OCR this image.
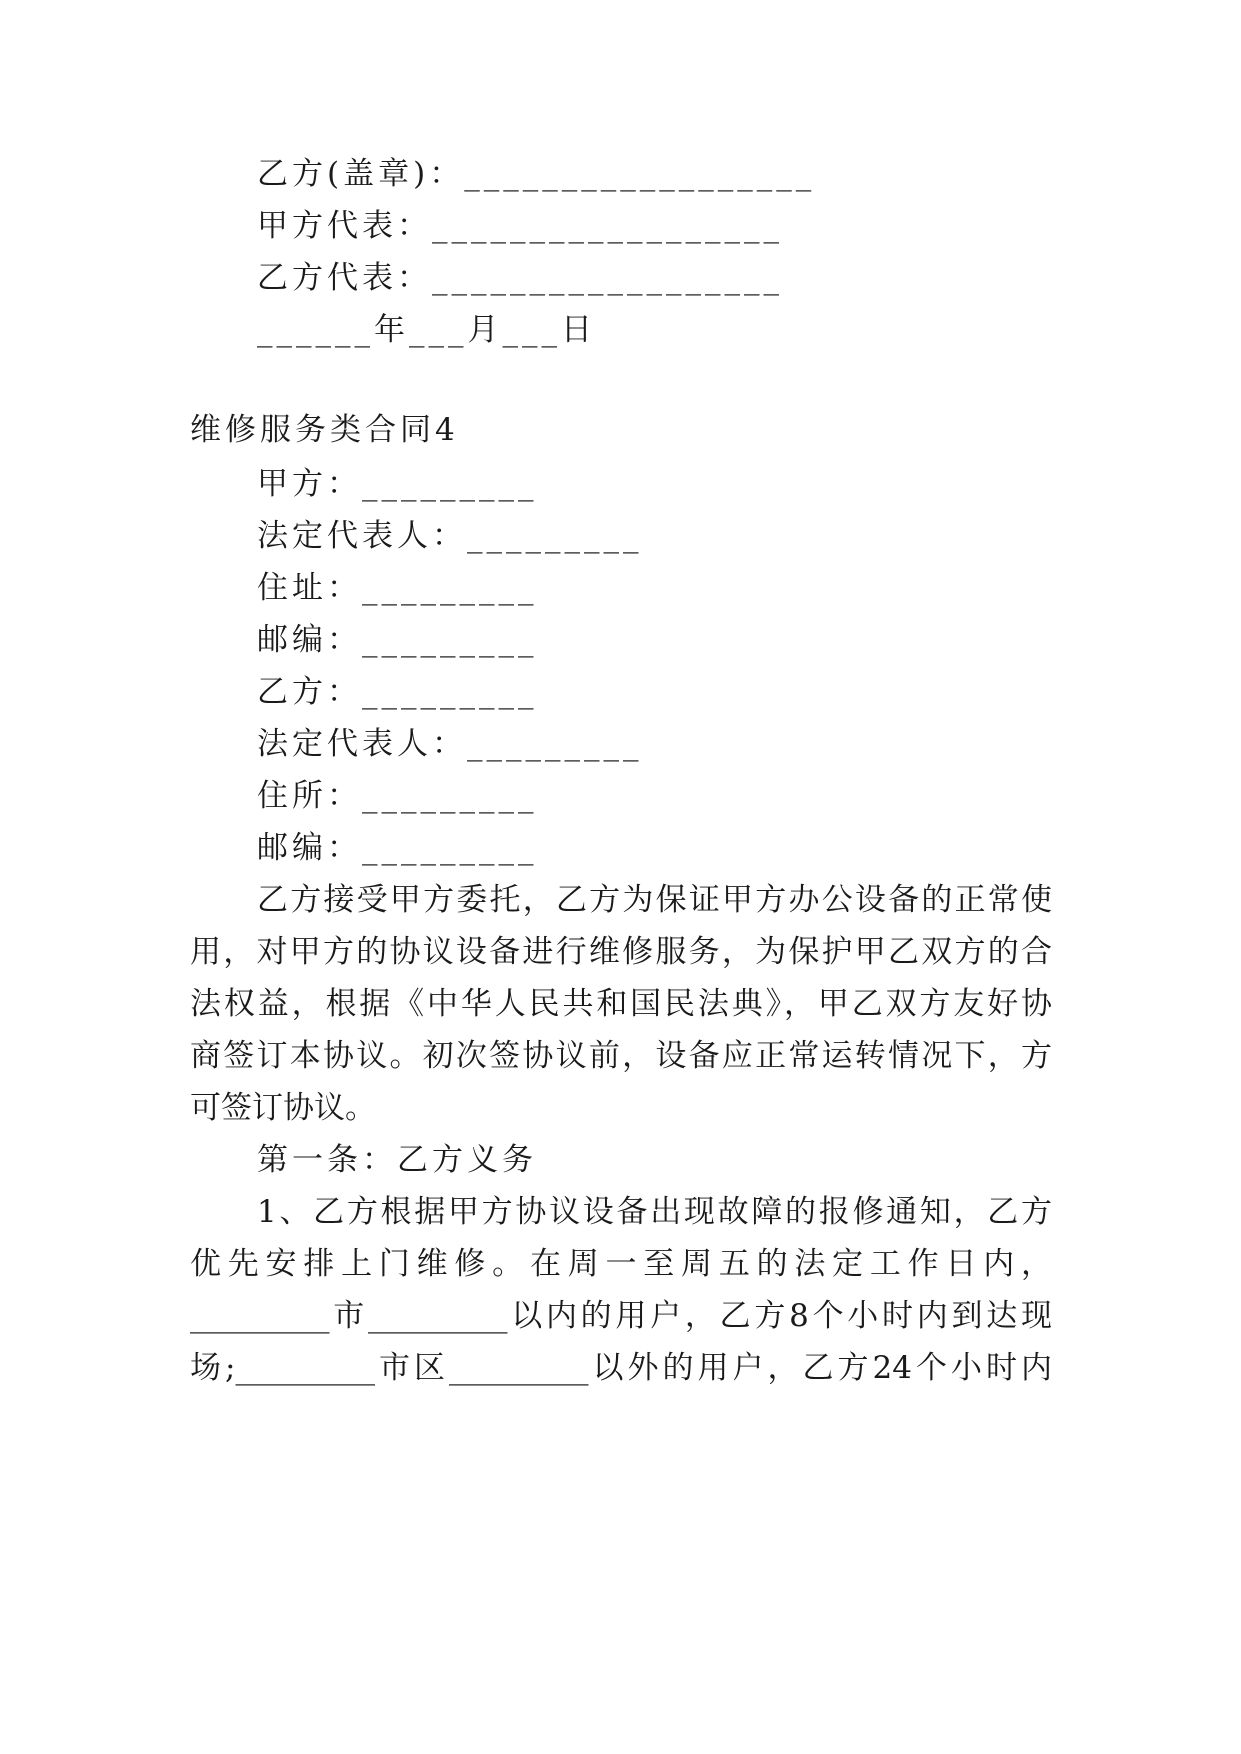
乙方(盖章)：__________________
甲方代表：__________________
乙方代表：__________________
______年___月___日
维修服务类合同4
甲方：_________
法定代表人：_________
住址：_________
邮编：_________
乙方：_________
法定代表人：_________
住所：_________
邮编：_________
乙方接受甲方委托，乙方为保证甲方办公设备的正常使
用，对甲方的协议设备进行维修服务，为保护甲乙双方的合
法权益，根据《中华人民共和国民法典》，甲乙双方友好协
商签订本协议。初次签协议前，设备应正常运转情况下，方
可签订协议。
第一条：乙方义务
1、乙方根据甲方协议设备出现故障的报修通知，乙方
优先安排上门维修。在周一至周五的法定工作日内，
_________市_________以内的用户，乙方8个小时内到达现
场;_________市区_________以外的用户，乙方24个小时内
